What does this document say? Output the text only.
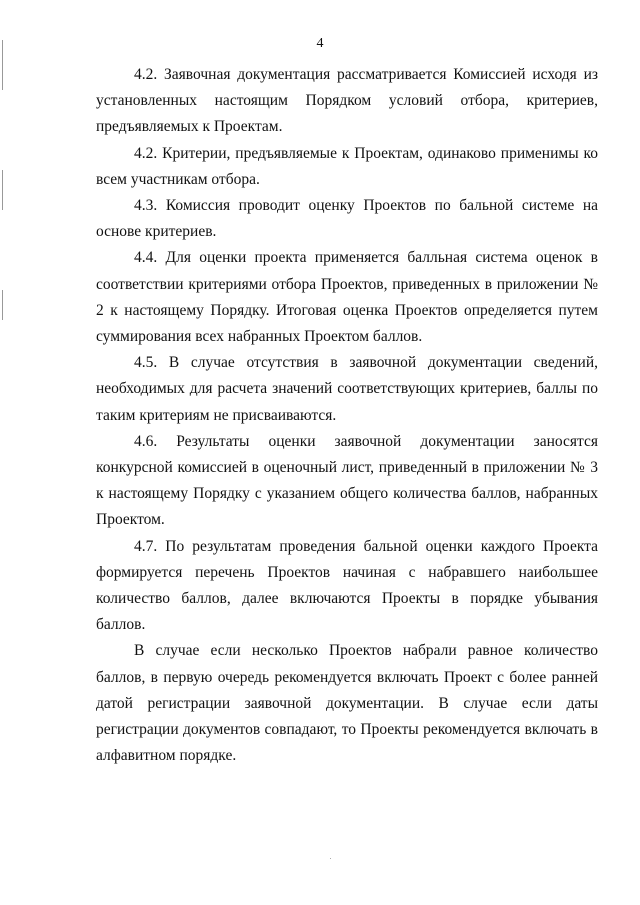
4

4.2. Заявочная документация рассматривается Комиссией исходя из установленных настоящим Порядком условий отбора, критериев, предъявляемых к Проектам.

4.2. Критерии, предъявляемые к Проектам, одинаково применимы ко всем участникам отбора.

4.3. Комиссия проводит оценку Проектов по бальной системе на основе критериев.

4.4. Для оценки проекта применяется балльная система оценок в соответствии критериями отбора Проектов, приведенных в приложении № 2 к настоящему Порядку. Итоговая оценка Проектов определяется путем суммирования всех набранных Проектом баллов.

4.5. В случае отсутствия в заявочной документации сведений, необходимых для расчета значений соответствующих критериев, баллы по таким критериям не присваиваются.

4.6. Результаты оценки заявочной документации заносятся конкурсной комиссией в оценочный лист, приведенный в приложении № 3 к настоящему Порядку с указанием общего количества баллов, набранных Проектом.

4.7. По результатам проведения бальной оценки каждого Проекта формируется перечень Проектов начиная с набравшего наибольшее количество баллов, далее включаются Проекты в порядке убывания баллов.

В случае если несколько Проектов набрали равное количество баллов, в первую очередь рекомендуется включать Проект с более ранней датой регистрации заявочной документации. В случае если даты регистрации документов совпадают, то Проекты рекомендуется включать в алфавитном порядке.
